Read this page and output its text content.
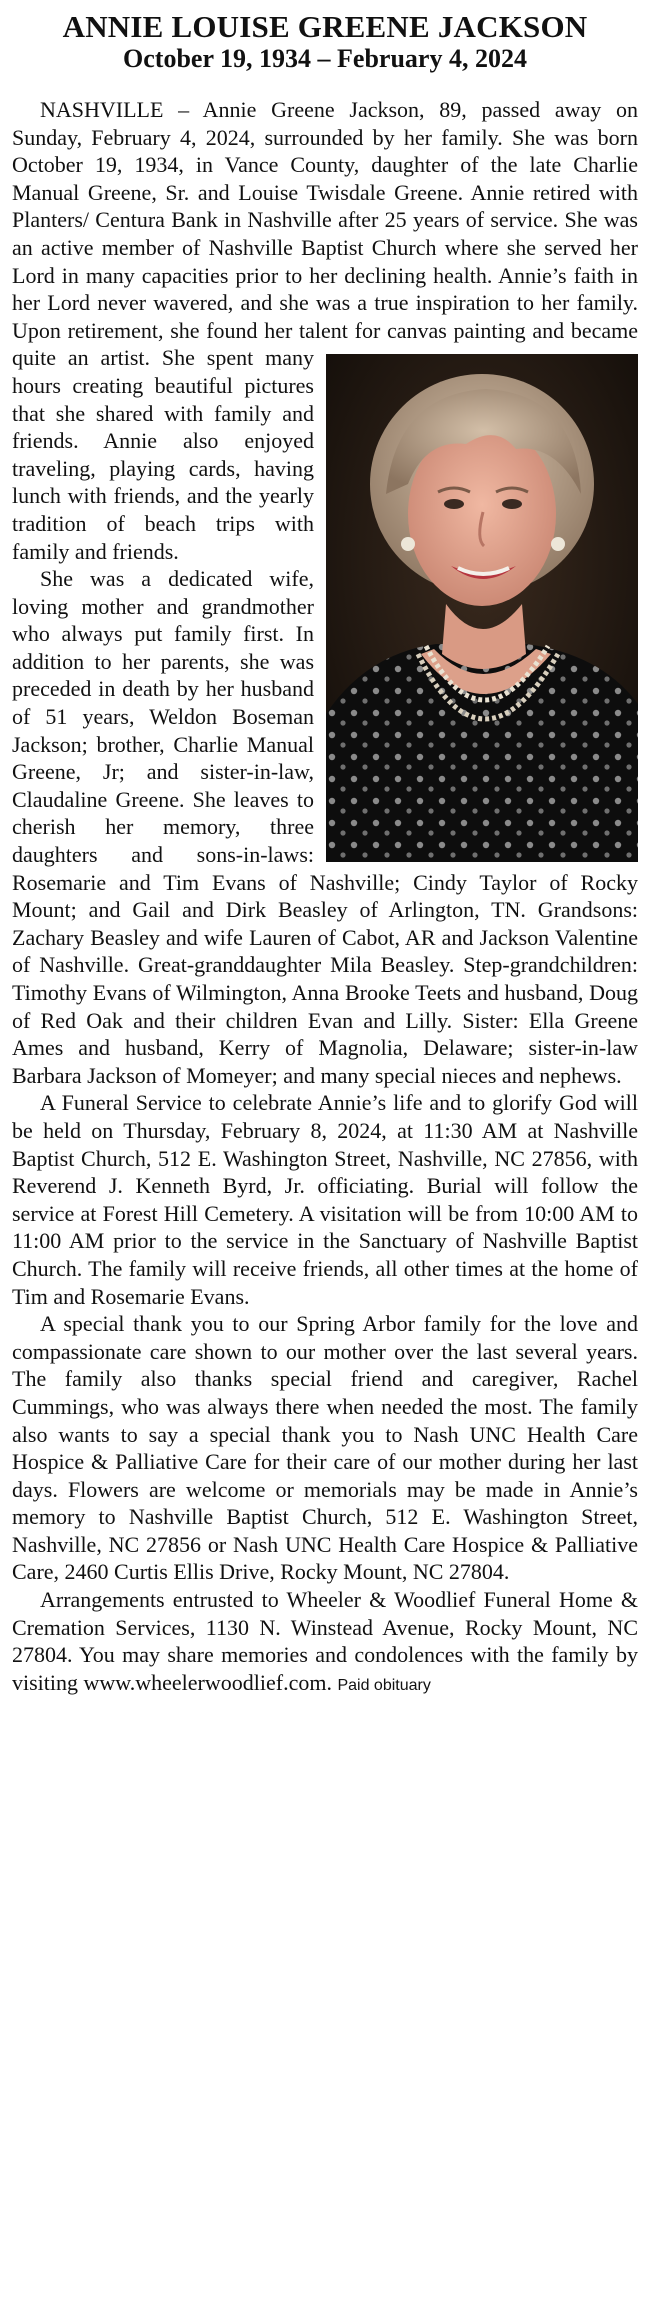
ANNIE LOUISE GREENE JACKSON
October 19, 1934 – February 4, 2024

NASHVILLE – Annie Greene Jackson, 89, passed away on Sunday, February 4, 2024, surrounded by her family. She was born October 19, 1934, in Vance County, daughter of the late Charlie Manual Greene, Sr. and Louise Twisdale Greene. Annie retired with Planters/ Centura Bank in Nashville after 25 years of service. She was an active member of Nashville Baptist Church where she served her Lord in many capacities prior to her declining health. Annie’s faith in her Lord never wavered, and she was a true inspiration to her family. Upon retirement, she found her talent for canvas painting
and became quite an artist. She spent many hours creating beautiful pictures that she shared with family and friends. Annie also enjoyed traveling, playing cards, having lunch with friends, and the yearly tradition of beach trips with family and friends.

She was a dedicated wife, loving mother and grandmother who always put family first. In addition to her parents, she was preceded in death by her husband of 51 years, Weldon Boseman Jackson; brother, Charlie Manual Greene, Jr; and sister-in-law, Claudaline Greene. She leaves to cherish her memory, three daughters and sons-in-laws: Rosemarie and Tim Evans of Nashville; Cindy Taylor of Rocky Mount; and Gail and Dirk Beasley of Arlington, TN. Grandsons: Zachary Beasley and wife Lauren of Cabot, AR and Jackson Valentine of Nashville. Great-granddaughter Mila Beasley. Step-grandchildren: Timothy Evans of Wilmington, Anna Brooke Teets and husband, Doug of Red Oak and their children Evan and Lilly. Sister: Ella Greene Ames and husband, Kerry of Magnolia, Delaware; sister-in-law Barbara Jackson of Momeyer; and many special nieces and nephews.

A Funeral Service to celebrate Annie’s life and to glorify God will be held on Thursday, February 8, 2024, at 11:30 AM at Nashville Baptist Church, 512 E. Washington Street, Nashville, NC 27856, with Reverend J. Kenneth Byrd, Jr. officiating. Burial will follow the service at Forest Hill Cemetery. A visitation will be from 10:00 AM to 11:00 AM prior to the service in the Sanctuary of Nashville Baptist Church. The family will receive friends, all other times at the home of Tim and Rosemarie Evans.

A special thank you to our Spring Arbor family for the love and compassionate care shown to our mother over the last several years. The family also thanks special friend and caregiver, Rachel Cummings, who was always there when needed the most. The family also wants to say a special thank you to Nash UNC Health Care Hospice & Palliative Care for their care of our mother during her last days. Flowers are welcome or memorials may be made in Annie’s memory to Nashville Baptist Church, 512 E. Washington Street, Nashville, NC 27856 or Nash UNC Health Care Hospice & Palliative Care, 2460 Curtis Ellis Drive, Rocky Mount, NC 27804.

Arrangements entrusted to Wheeler & Woodlief Funeral Home & Cremation Services, 1130 N. Winstead Avenue, Rocky Mount, NC 27804. You may share memories and condolences with the family by visiting www.wheelerwoodlief.com. Paid obituary
